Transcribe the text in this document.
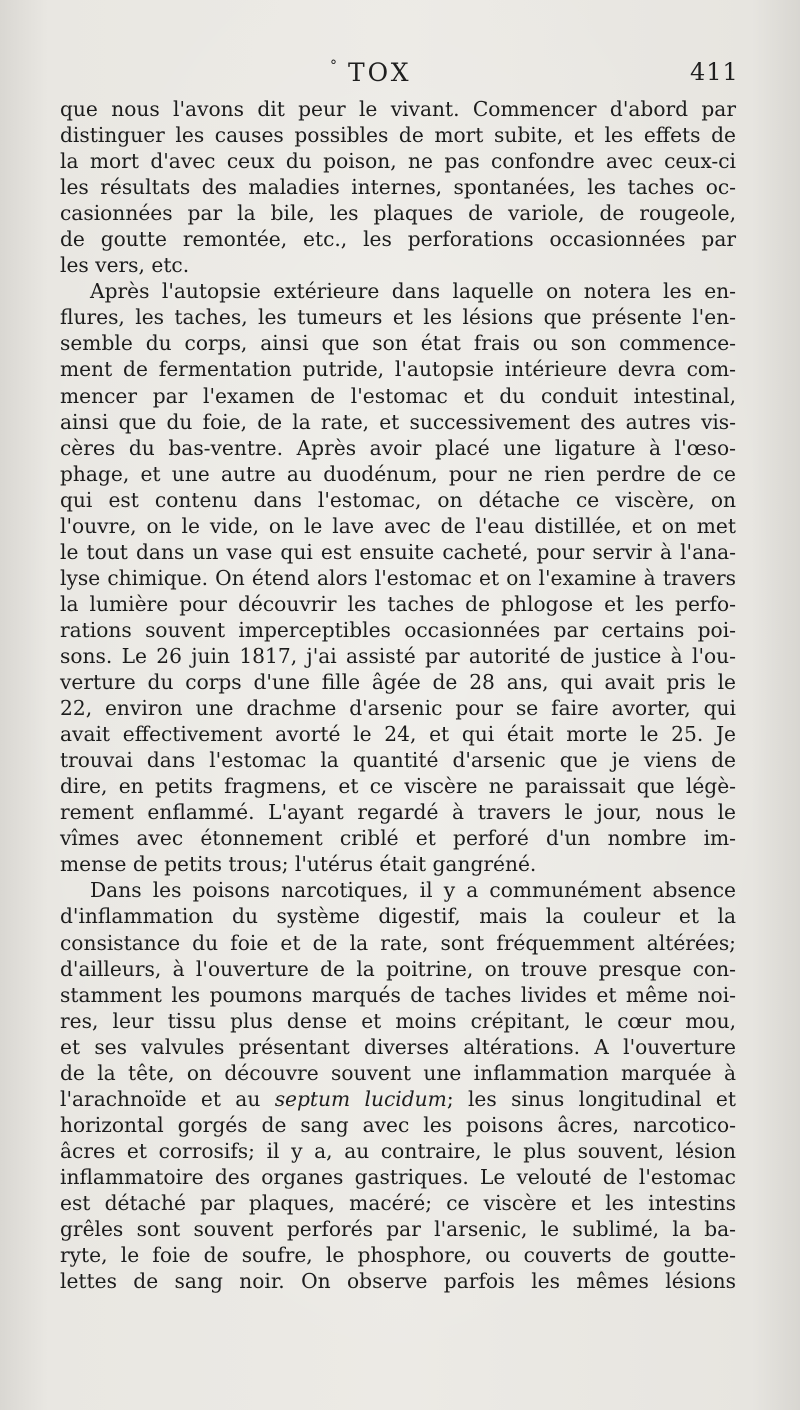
° TOX	411
que nous l'avons dit peur le vivant. Commencer d'abord par
distinguer les causes possibles de mort subite, et les effets de
la mort d'avec ceux du poison, ne pas confondre avec ceux-ci
les résultats des maladies internes, spontanées, les taches oc-
casionnées par la bile, les plaques de variole, de rougeole,
de goutte remontée, etc., les perforations occasionnées par
les vers, etc.
Après l'autopsie extérieure dans laquelle on notera les en-
flures, les taches, les tumeurs et les lésions que présente l'en-
semble du corps, ainsi que son état frais ou son commence-
ment de fermentation putride, l'autopsie intérieure devra com-
mencer par l'examen de l'estomac et du conduit intestinal,
ainsi que du foie, de la rate, et successivement des autres vis-
cères du bas-ventre. Après avoir placé une ligature à l'œso-
phage, et une autre au duodénum, pour ne rien perdre de ce
qui est contenu dans l'estomac, on détache ce viscère, on
l'ouvre, on le vide, on le lave avec de l'eau distillée, et on met
le tout dans un vase qui est ensuite cacheté, pour servir à l'ana-
lyse chimique. On étend alors l'estomac et on l'examine à travers
la lumière pour découvrir les taches de phlogose et les perfo-
rations souvent imperceptibles occasionnées par certains poi-
sons. Le 26 juin 1817, j'ai assisté par autorité de justice à l'ou-
verture du corps d'une fille âgée de 28 ans, qui avait pris le
22, environ une drachme d'arsenic pour se faire avorter, qui
avait effectivement avorté le 24, et qui était morte le 25. Je
trouvai dans l'estomac la quantité d'arsenic que je viens de
dire, en petits fragmens, et ce viscère ne paraissait que légè-
rement enflammé. L'ayant regardé à travers le jour, nous le
vîmes avec étonnement criblé et perforé d'un nombre im-
mense de petits trous; l'utérus était gangréné.
Dans les poisons narcotiques, il y a communément absence
d'inflammation du système digestif, mais la couleur et la
consistance du foie et de la rate, sont fréquemment altérées;
d'ailleurs, à l'ouverture de la poitrine, on trouve presque con-
stamment les poumons marqués de taches livides et même noi-
res, leur tissu plus dense et moins crépitant, le cœur mou,
et ses valvules présentant diverses altérations. A l'ouverture
de la tête, on découvre souvent une inflammation marquée à
l'arachnoïde et au septum lucidum; les sinus longitudinal et
horizontal gorgés de sang avec les poisons âcres, narcotico-
âcres et corrosifs; il y a, au contraire, le plus souvent, lésion
inflammatoire des organes gastriques. Le velouté de l'estomac
est détaché par plaques, macéré; ce viscère et les intestins
grêles sont souvent perforés par l'arsenic, le sublimé, la ba-
ryte, le foie de soufre, le phosphore, ou couverts de goutte-
lettes de sang noir. On observe parfois les mêmes lésions
